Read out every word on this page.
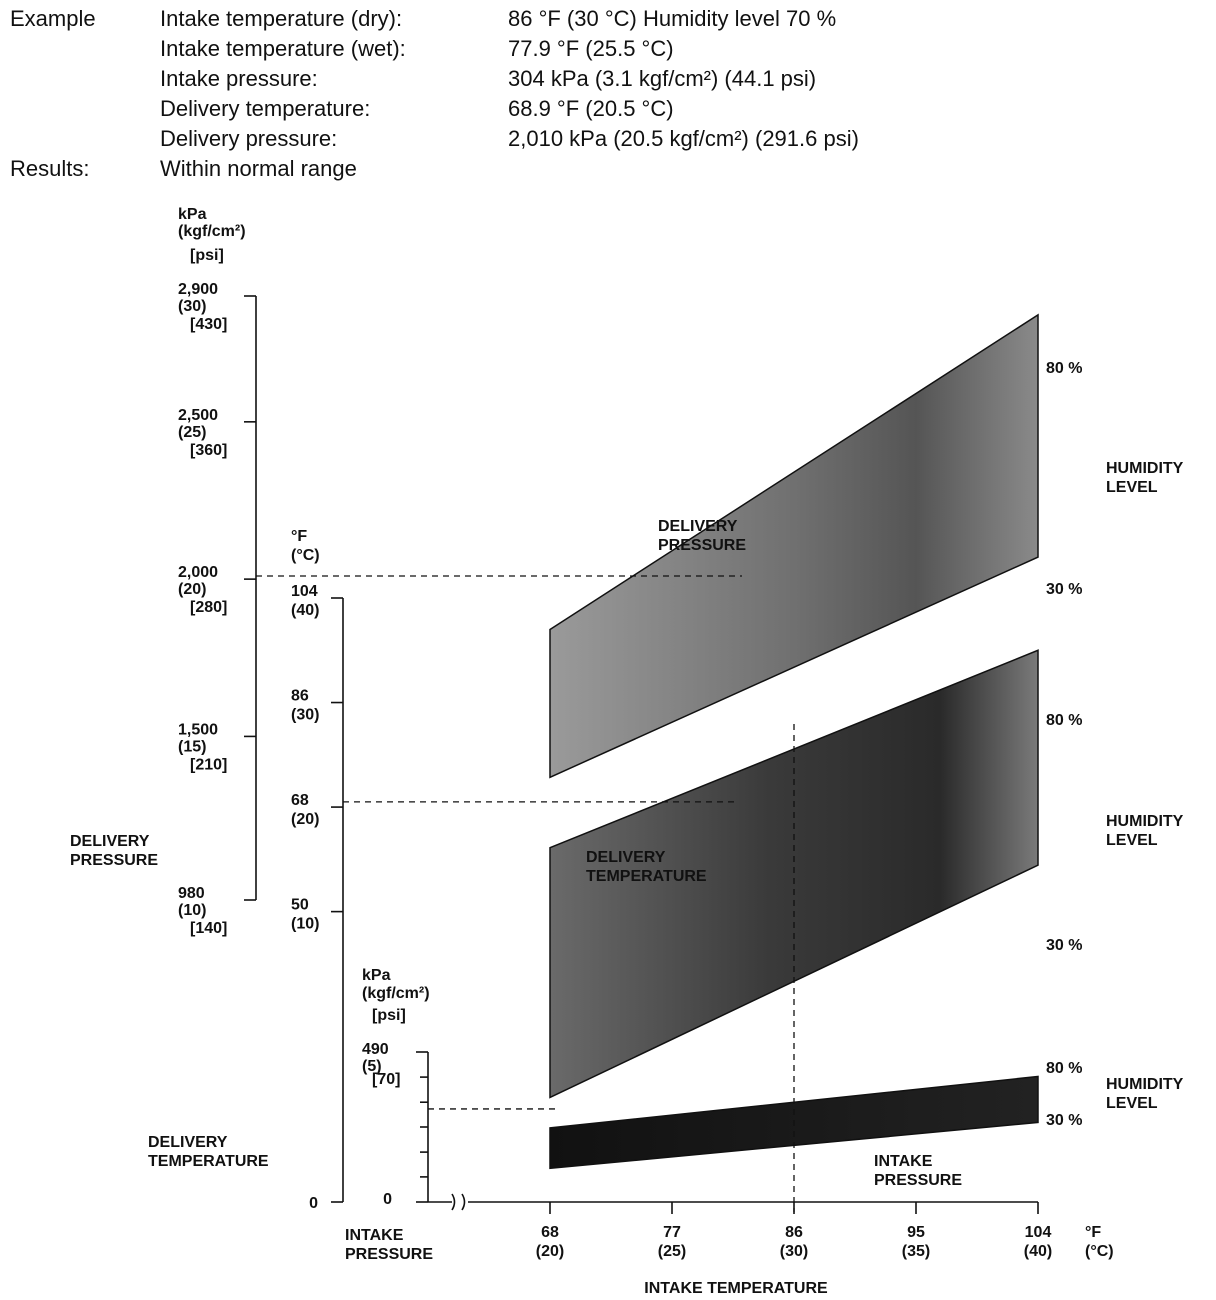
Example	Intake temperature (dry):	86 °F (30 °C) Humidity level 70 %
Intake temperature (wet):	77.9 °F (25.5 °C)
Intake pressure:	304 kPa (3.1 kgf/cm²) (44.1 psi)
Delivery temperature:	68.9 °F (20.5 °C)
Delivery pressure:	2,010 kPa (20.5 kgf/cm²) (291.6 psi)
Results:	Within normal range
kPa
(kgf/cm²)
[psi]
2,900
(30)
[430]
2,500
(25)
[360]
2,000
(20)
[280]
1,500
(15)
[210]
980
(10)
[140]
DELIVERY
PRESSURE
°F
(°C)
104
(40)
86
(30)
68
(20)
50
(10)
0
DELIVERY
TEMPERATURE
kPa
(kgf/cm²)
[psi]
490
(5)
0
[70]
INTAKE
PRESSURE
68
(20)
77
(25)
86
(30)
95
(35)
104
(40)
°F
(°C)
INTAKE TEMPERATURE
DELIVERY
PRESSURE
HUMIDITY
LEVEL
80 %
30 %
DELIVERY
TEMPERATURE
HUMIDITY
LEVEL
80 %
30 %
INTAKE
PRESSURE
HUMIDITY
LEVEL
80 %
30 %
